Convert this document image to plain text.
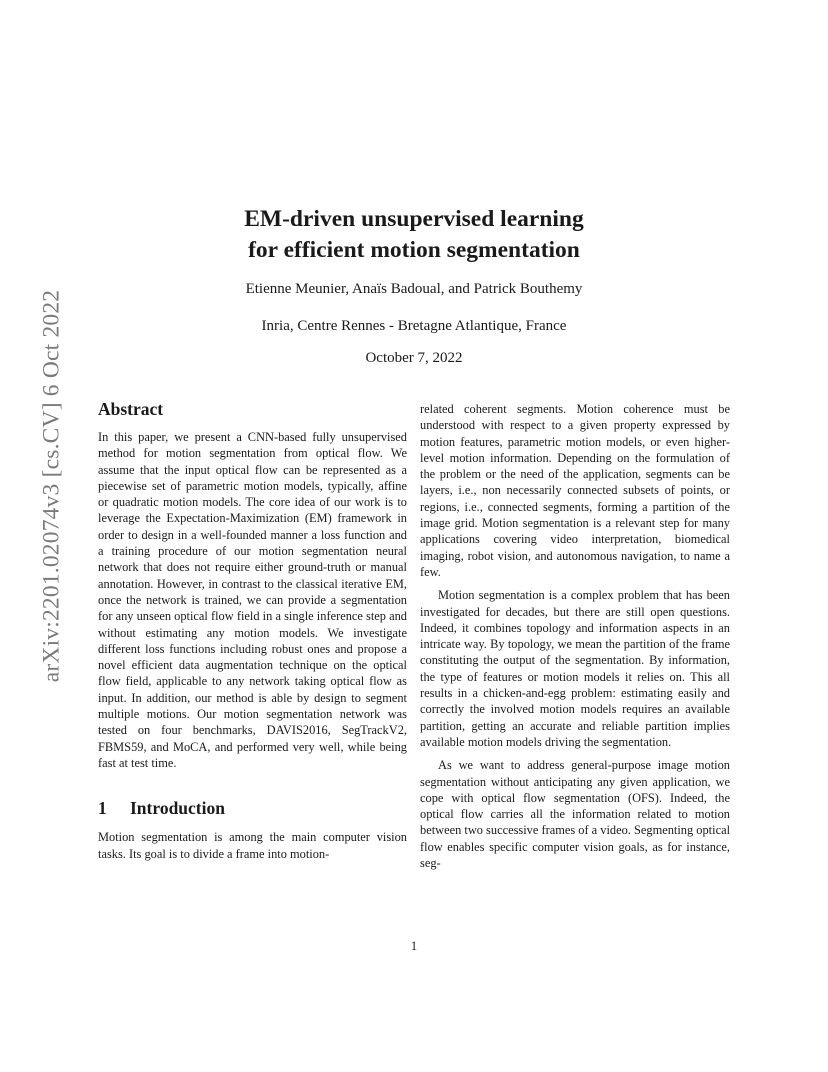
arXiv:2201.02074v3 [cs.CV] 6 Oct 2022
EM-driven unsupervised learning
for efficient motion segmentation
Etienne Meunier, Anaïs Badoual, and Patrick Bouthemy
Inria, Centre Rennes - Bretagne Atlantique, France
October 7, 2022
Abstract

In this paper, we present a CNN-based fully unsupervised method for motion segmentation from optical flow. We assume that the input optical flow can be represented as a piecewise set of parametric motion models, typically, affine or quadratic motion models. The core idea of our work is to leverage the Expectation-Maximization (EM) framework in order to design in a well-founded manner a loss function and a training procedure of our motion segmentation neural network that does not require either ground-truth or manual annotation. However, in contrast to the classical iterative EM, once the network is trained, we can provide a segmentation for any unseen optical flow field in a single inference step and without estimating any motion models. We investigate different loss functions including robust ones and propose a novel efficient data augmentation technique on the optical flow field, applicable to any network taking optical flow as input. In addition, our method is able by design to segment multiple motions. Our motion segmentation network was tested on four benchmarks, DAVIS2016, SegTrackV2, FBMS59, and MoCA, and performed very well, while being fast at test time.

1 Introduction

Motion segmentation is among the main computer vision tasks. Its goal is to divide a frame into motion-

related coherent segments. Motion coherence must be understood with respect to a given property expressed by motion features, parametric motion models, or even higher-level motion information. Depending on the formulation of the problem or the need of the application, segments can be layers, i.e., non necessarily connected subsets of points, or regions, i.e., connected segments, forming a partition of the image grid. Motion segmentation is a relevant step for many applications covering video interpretation, biomedical imaging, robot vision, and autonomous navigation, to name a few.

Motion segmentation is a complex problem that has been investigated for decades, but there are still open questions. Indeed, it combines topology and information aspects in an intricate way. By topology, we mean the partition of the frame constituting the output of the segmentation. By information, the type of features or motion models it relies on. This all results in a chicken-and-egg problem: estimating easily and correctly the involved motion models requires an available partition, getting an accurate and reliable partition implies available motion models driving the segmentation.

As we want to address general-purpose image motion segmentation without anticipating any given application, we cope with optical flow segmentation (OFS). Indeed, the optical flow carries all the information related to motion between two successive frames of a video. Segmenting optical flow enables specific computer vision goals, as for instance, seg-

1
